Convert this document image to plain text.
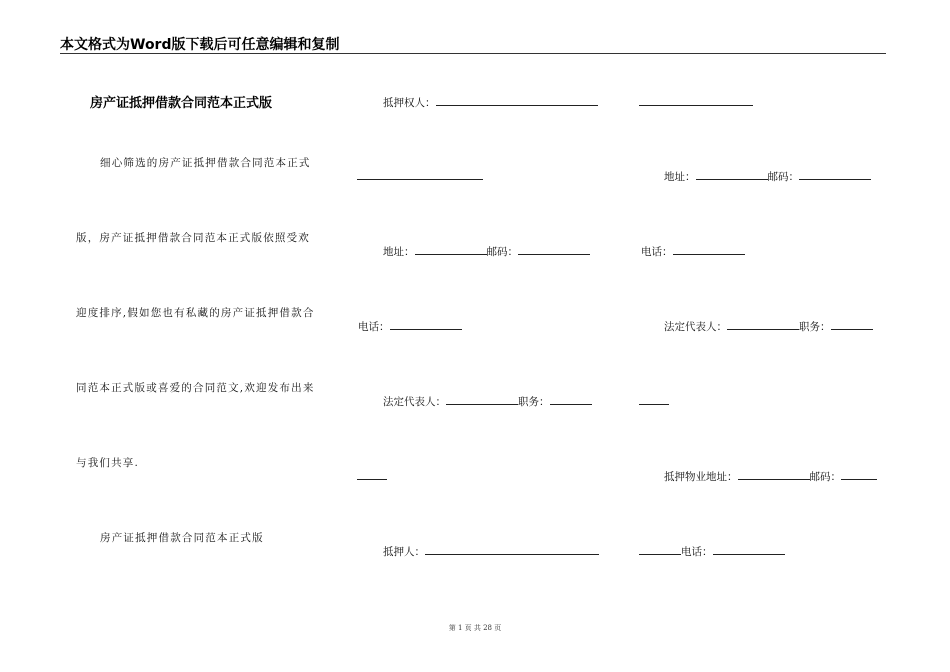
本文格式为Word版下载后可任意编辑和复制
房产证抵押借款合同范本正式版
细心筛选的房产证抵押借款合同范本正式
版，房产证抵押借款合同范本正式版依照受欢
迎度排序,假如您也有私藏的房产证抵押借款合
同范本正式版或喜爱的合同范文,欢迎发布出来
与我们共享.
房产证抵押借款合同范本正式版
抵押权人：
地址：	邮码：
电话：
法定代表人：	职务：
抵押人：
地址：	邮码：
电话：
法定代表人：	职务：
抵押物业地址：	邮码：
电话：
第 1 页 共 28 页
